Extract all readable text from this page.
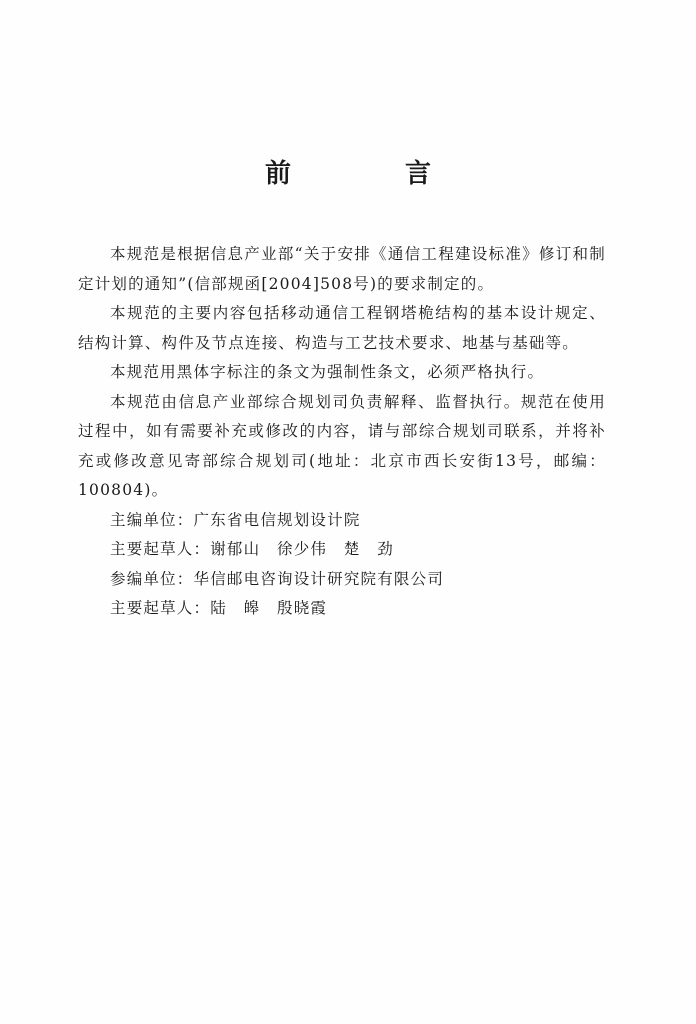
前　言

本规范是根据信息产业部“关于安排《通信工程建设标准》修订和制定计划的通知”(信部规函[2004]508号)的要求制定的。

本规范的主要内容包括移动通信工程钢塔桅结构的基本设计规定、结构计算、构件及节点连接、构造与工艺技术要求、地基与基础等。

本规范用黑体字标注的条文为强制性条文，必须严格执行。

本规范由信息产业部综合规划司负责解释、监督执行。规范在使用过程中，如有需要补充或修改的内容，请与部综合规划司联系，并将补充或修改意见寄部综合规划司(地址：北京市西长安街13号，邮编：100804)。

主编单位：广东省电信规划设计院

主要起草人：谢郁山　徐少伟　楚　劲

参编单位：华信邮电咨询设计研究院有限公司

主要起草人：陆　皞　殷晓霞
